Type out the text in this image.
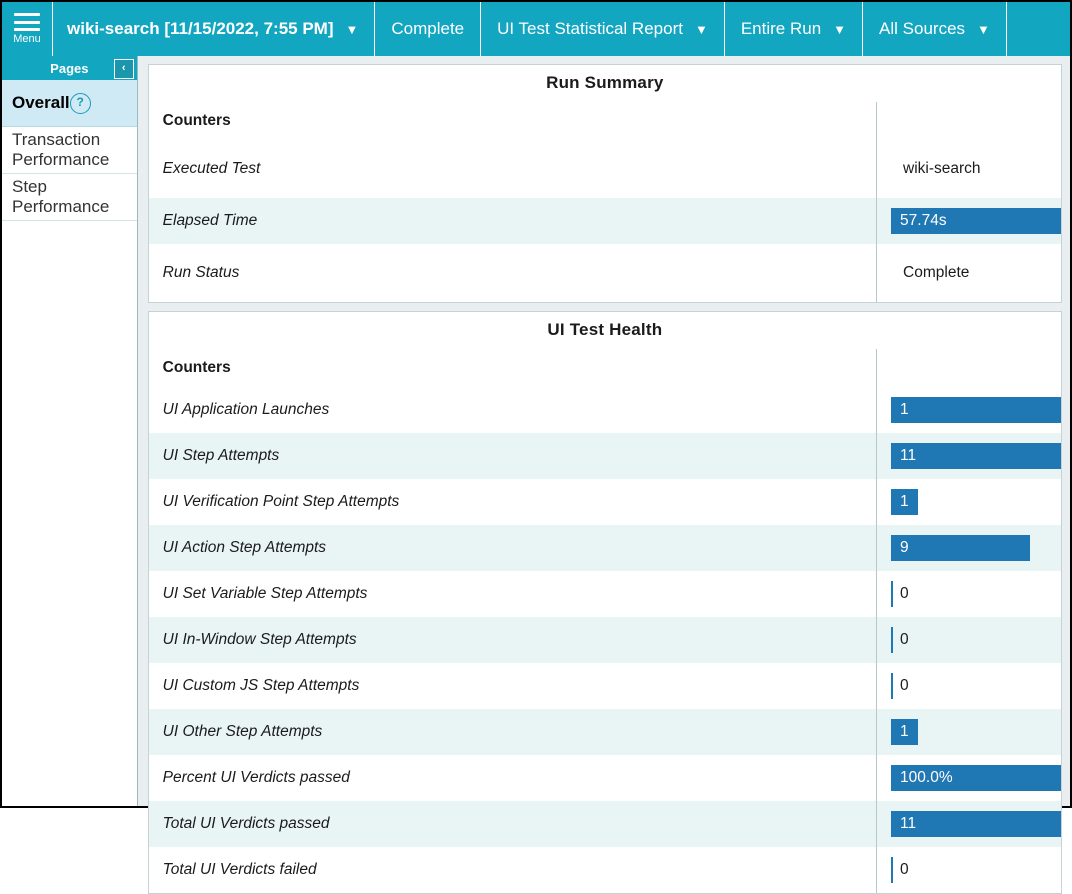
Menu
wiki-search [11/15/2022, 7:55 PM] ▼ Complete UI Test Statistical Report ▼ Entire Run ▼ All Sources ▼
Pages	‹
Overall ?
Transaction Performance
Step Performance
Run Summary
Counters	
Executed Test	wiki-search

Elapsed Time	57.74s

Run Status	Complete
UI Test Health
Counters	
UI Application Launches	1

UI Step Attempts	11

UI Verification Point Step Attempts	1

UI Action Step Attempts	9

UI Set Variable Step Attempts	0

UI In-Window Step Attempts	0

UI Custom JS Step Attempts	0

UI Other Step Attempts	1

Percent UI Verdicts passed	100.0%

Total UI Verdicts passed	11

Total UI Verdicts failed	0
